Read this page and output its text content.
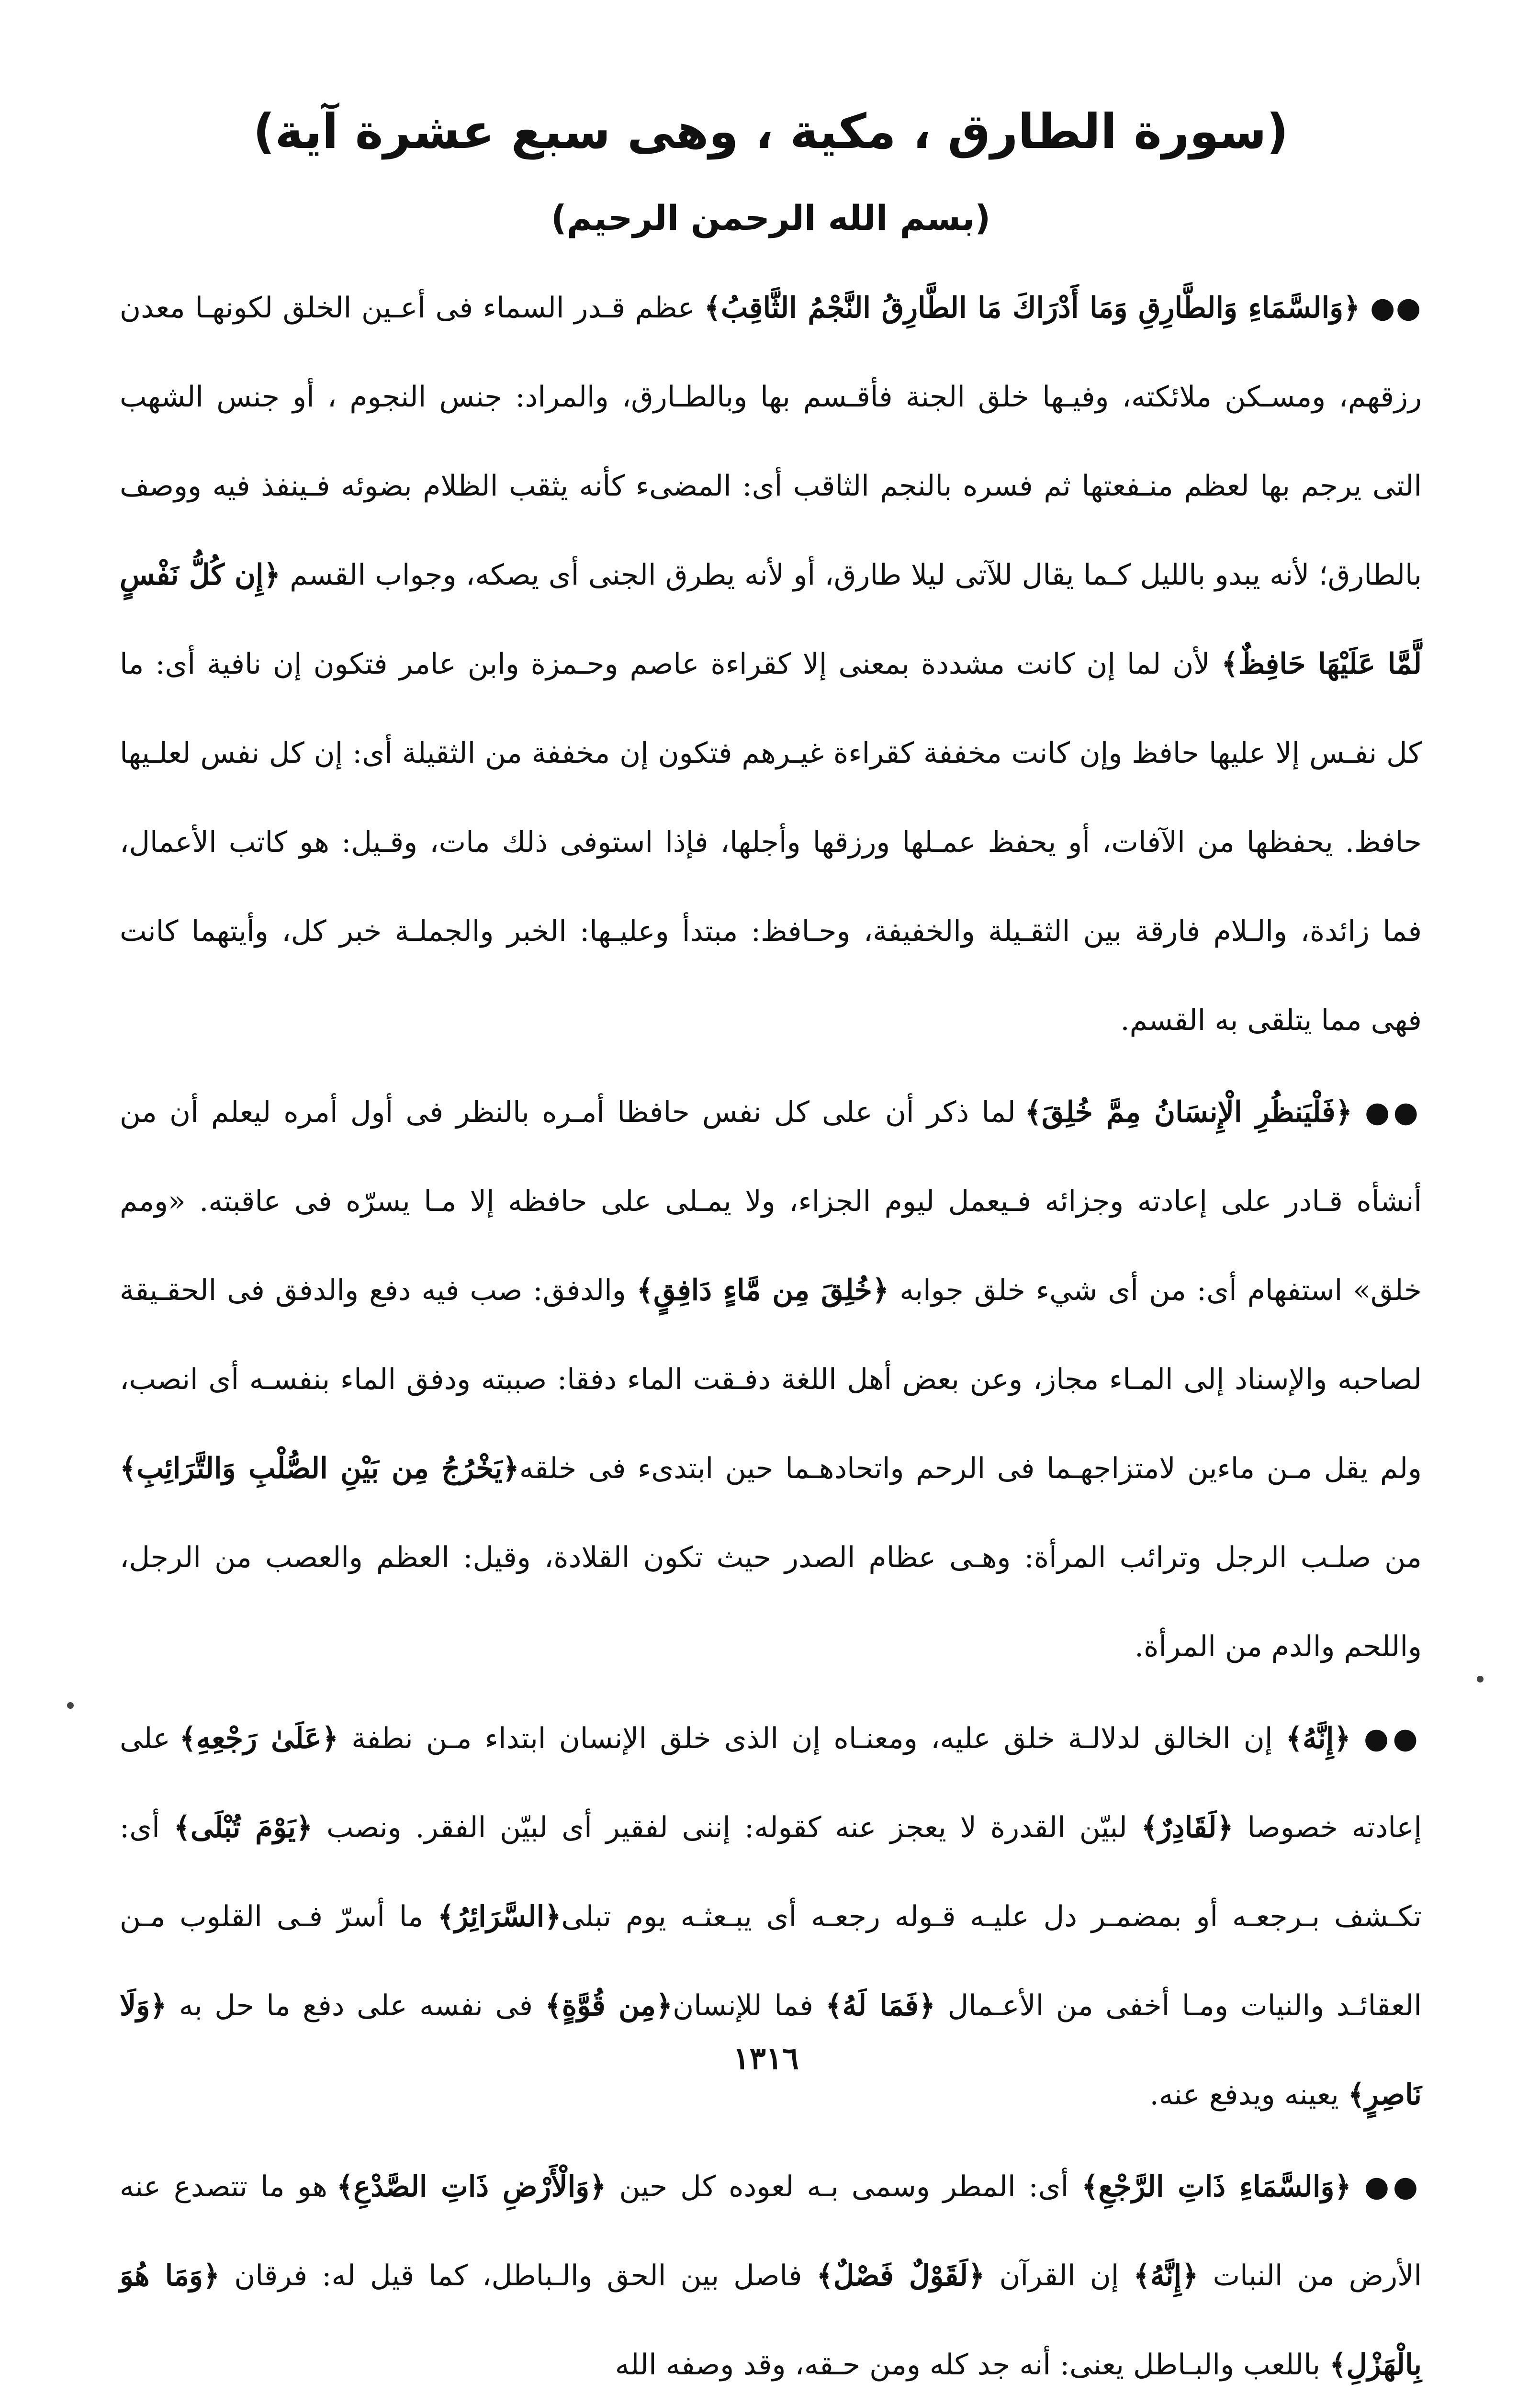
(سورة الطارق ، مكية ، وهى سبع عشرة آية)
(بسم الله الرحمن الرحيم)

●● ﴿وَالسَّمَاءِ وَالطَّارِقِ وَمَا أَدْرَاكَ مَا الطَّارِقُ النَّجْمُ الثَّاقِبُ﴾ عظم قـدر السماء فى أعـين الخلق لكونهـا معدن رزقهم، ومسـكن ملائكته، وفيـها خلق الجنة فأقـسم بها وبالطـارق، والمراد: جنس النجوم ، أو جنس الشهب التى يرجم بها لعظم منـفعتها ثم فسره بالنجم الثاقب أى: المضىء كأنه يثقب الظلام بضوئه فـينفذ فيه ووصف بالطارق؛ لأنه يبدو بالليل كـما يقال للآتى ليلا طارق، أو لأنه يطرق الجنى أى يصكه، وجواب القسم ﴿إِن كُلُّ نَفْسٍ لَّمَّا عَلَيْهَا حَافِظٌ﴾ لأن لما إن كانت مشددة بمعنى إلا كقراءة عاصم وحـمزة وابن عامر فتكون إن نافية أى: ما كل نفـس إلا عليها حافظ وإن كانت مخففة كقراءة غيـرهم فتكون إن مخففة من الثقيلة أى: إن كل نفس لعلـيها حافظ. يحفظها من الآفات، أو يحفظ عمـلها ورزقها وأجلها، فإذا استوفى ذلك مات، وقـيل: هو كاتب الأعمال، فما زائدة، والـلام فارقة بين الثقـيلة والخفيفة، وحـافظ: مبتدأ وعليـها: الخبر والجملـة خبر كل، وأيتهما كانت فهى مما يتلقى به القسم.

●● ﴿فَلْيَنظُرِ الْإِنسَانُ مِمَّ خُلِقَ﴾ لما ذكر أن على كل نفس حافظا أمـره بالنظر فى أول أمره ليعلم أن من أنشأه قـادر على إعادته وجزائه فـيعمل ليوم الجزاء، ولا يمـلى على حافظه إلا مـا يسرّه فى عاقبته. «ومم خلق» استفهام أى: من أى شيء خلق جوابه ﴿خُلِقَ مِن مَّاءٍ دَافِقٍ﴾ والدفق: صب فيه دفع والدفق فى الحقـيقة لصاحبه والإسناد إلى المـاء مجاز، وعن بعض أهل اللغة دفـقت الماء دفقا: صببته ودفق الماء بنفسـه أى انصب، ولم يقل مـن ماءين لامتزاجهـما فى الرحم واتحادهـما حين ابتدىء فى خلقه﴿يَخْرُجُ مِن بَيْنِ الصُّلْبِ وَالتَّرَائِبِ﴾ من صلـب الرجل وترائب المرأة: وهـى عظام الصدر حيث تكون القلادة، وقيل: العظم والعصب من الرجل، واللحم والدم من المرأة.

●● ﴿إِنَّهُ﴾ إن الخالق لدلالـة خلق عليه، ومعنـاه إن الذى خلق الإنسان ابتداء مـن نطفة ﴿عَلَىٰ رَجْعِهِ﴾ على إعادته خصوصا ﴿لَقَادِرٌ﴾ لبيّن القدرة لا يعجز عنه كقوله: إننى لفقير أى لبيّن الفقر. ونصب ﴿يَوْمَ تُبْلَى﴾ أى: تكـشف بـرجعـه أو بمضمـر دل عليـه قـوله رجعـه أى يبـعثـه يوم تبلى﴿السَّرَائِرُ﴾ ما أسرّ فـى القلوب مـن العقائـد والنيات ومـا أخفى من الأعـمال ﴿فَمَا لَهُ﴾ فما للإنسان﴿مِن قُوَّةٍ﴾ فى نفسه على دفع ما حل به ﴿وَلَا نَاصِرٍ﴾ يعينه ويدفع عنه.

●● ﴿وَالسَّمَاءِ ذَاتِ الرَّجْعِ﴾ أى: المطر وسمى بـه لعوده كل حين ﴿وَالْأَرْضِ ذَاتِ الصَّدْعِ﴾ هو ما تتصدع عنه الأرض من النبات ﴿إِنَّهُ﴾ إن القرآن ﴿لَقَوْلٌ فَصْلٌ﴾ فاصل بين الحق والـباطل، كما قيل له: فرقان ﴿وَمَا هُوَ بِالْهَزْلِ﴾ باللعب والبـاطل يعنى: أنه جد كله ومن حـقه، وقد وصفه الله

١٣١٦
